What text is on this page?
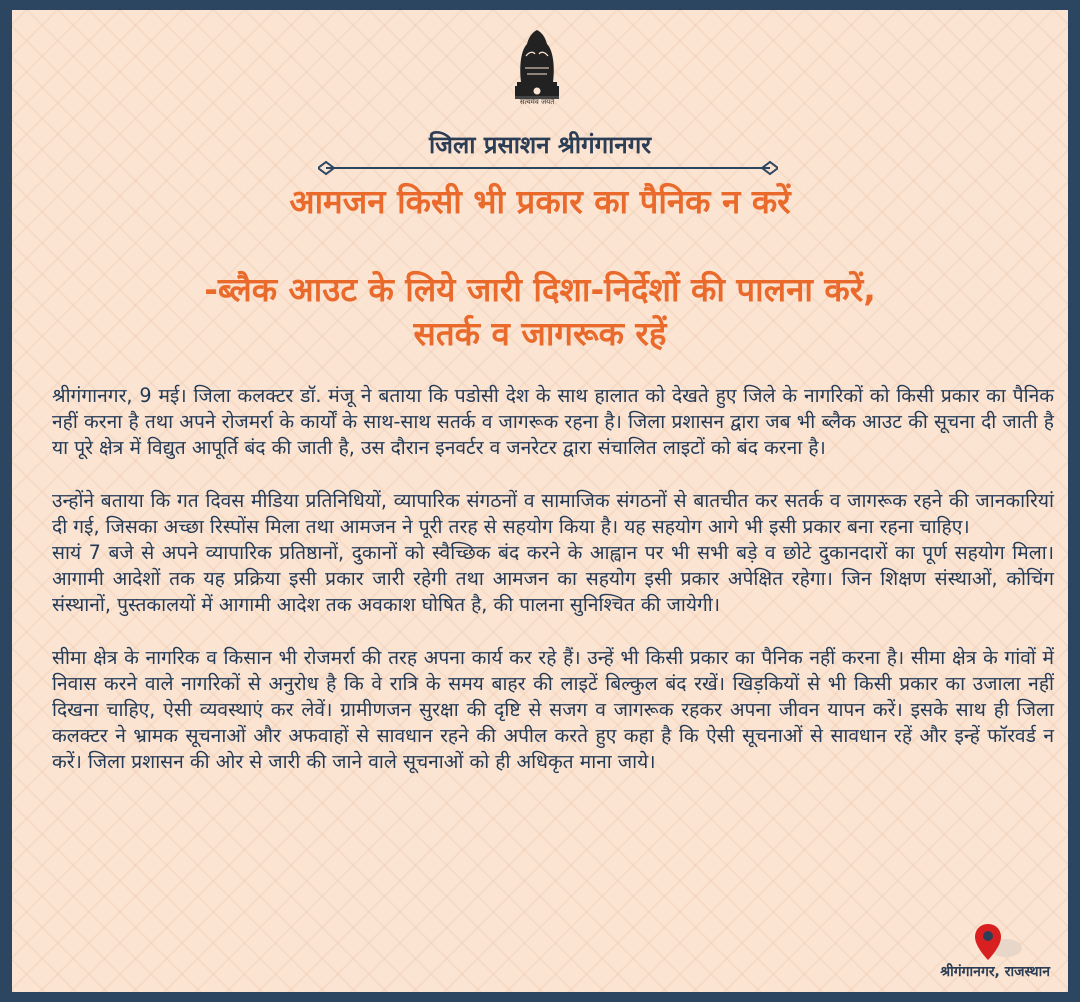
सत्यमेव जयते
जिला प्रसाशन श्रीगंगानगर
आमजन किसी भी प्रकार का पैनिक न करें
-ब्लैक आउट के लिये जारी दिशा-निर्देशों की पालना करें,
सतर्क व जागरूक रहें

श्रीगंगानगर, 9 मई। जिला कलक्टर डॉ. मंजू ने बताया कि पडोसी देश के साथ हालात को देखते हुए जिले के नागरिकों को किसी प्रकार का पैनिक नहीं करना है तथा अपने रोजमर्रा के कार्यों के साथ-साथ सतर्क व जागरूक रहना है। जिला प्रशासन द्वारा जब भी ब्लैक आउट की सूचना दी जाती है या पूरे क्षेत्र में विद्युत आपूर्ति बंद की जाती है, उस दौरान इनवर्टर व जनरेटर द्वारा संचालित लाइटों को बंद करना है।

उन्होंने बताया कि गत दिवस मीडिया प्रतिनिधियों, व्यापारिक संगठनों व सामाजिक संगठनों से बातचीत कर सतर्क व जागरूक रहने की जानकारियां दी गई, जिसका अच्छा रिस्पोंस मिला तथा आमजन ने पूरी तरह से सहयोग किया है। यह सहयोग आगे भी इसी प्रकार बना रहना चाहिए।

सायं 7 बजे से अपने व्यापारिक प्रतिष्ठानों, दुकानों को स्वैच्छिक बंद करने के आह्वान पर भी सभी बड़े व छोटे दुकानदारों का पूर्ण सहयोग मिला। आगामी आदेशों तक यह प्रक्रिया इसी प्रकार जारी रहेगी तथा आमजन का सहयोग इसी प्रकार अपेक्षित रहेगा। जिन शिक्षण संस्थाओं, कोचिंग संस्थानों, पुस्तकालयों में आगामी आदेश तक अवकाश घोषित है, की पालना सुनिश्चित की जायेगी।

सीमा क्षेत्र के नागरिक व किसान भी रोजमर्रा की तरह अपना कार्य कर रहे हैं। उन्हें भी किसी प्रकार का पैनिक नहीं करना है। सीमा क्षेत्र के गांवों में निवास करने वाले नागरिकों से अनुरोध है कि वे रात्रि के समय बाहर की लाइटें बिल्कुल बंद रखें। खिड़कियों से भी किसी प्रकार का उजाला नहीं दिखना चाहिए, ऐसी व्यवस्थाएं कर लेवें। ग्रामीणजन सुरक्षा की दृष्टि से सजग व जागरूक रहकर अपना जीवन यापन करें। इसके साथ ही जिला कलक्टर ने भ्रामक सूचनाओं और अफवाहों से सावधान रहने की अपील करते हुए कहा है कि ऐसी सूचनाओं से सावधान रहें और इन्हें फॉरवर्ड न करें। जिला प्रशासन की ओर से जारी की जाने वाले सूचनाओं को ही अधिकृत माना जाये।

श्रीगंगानगर, राजस्थान
